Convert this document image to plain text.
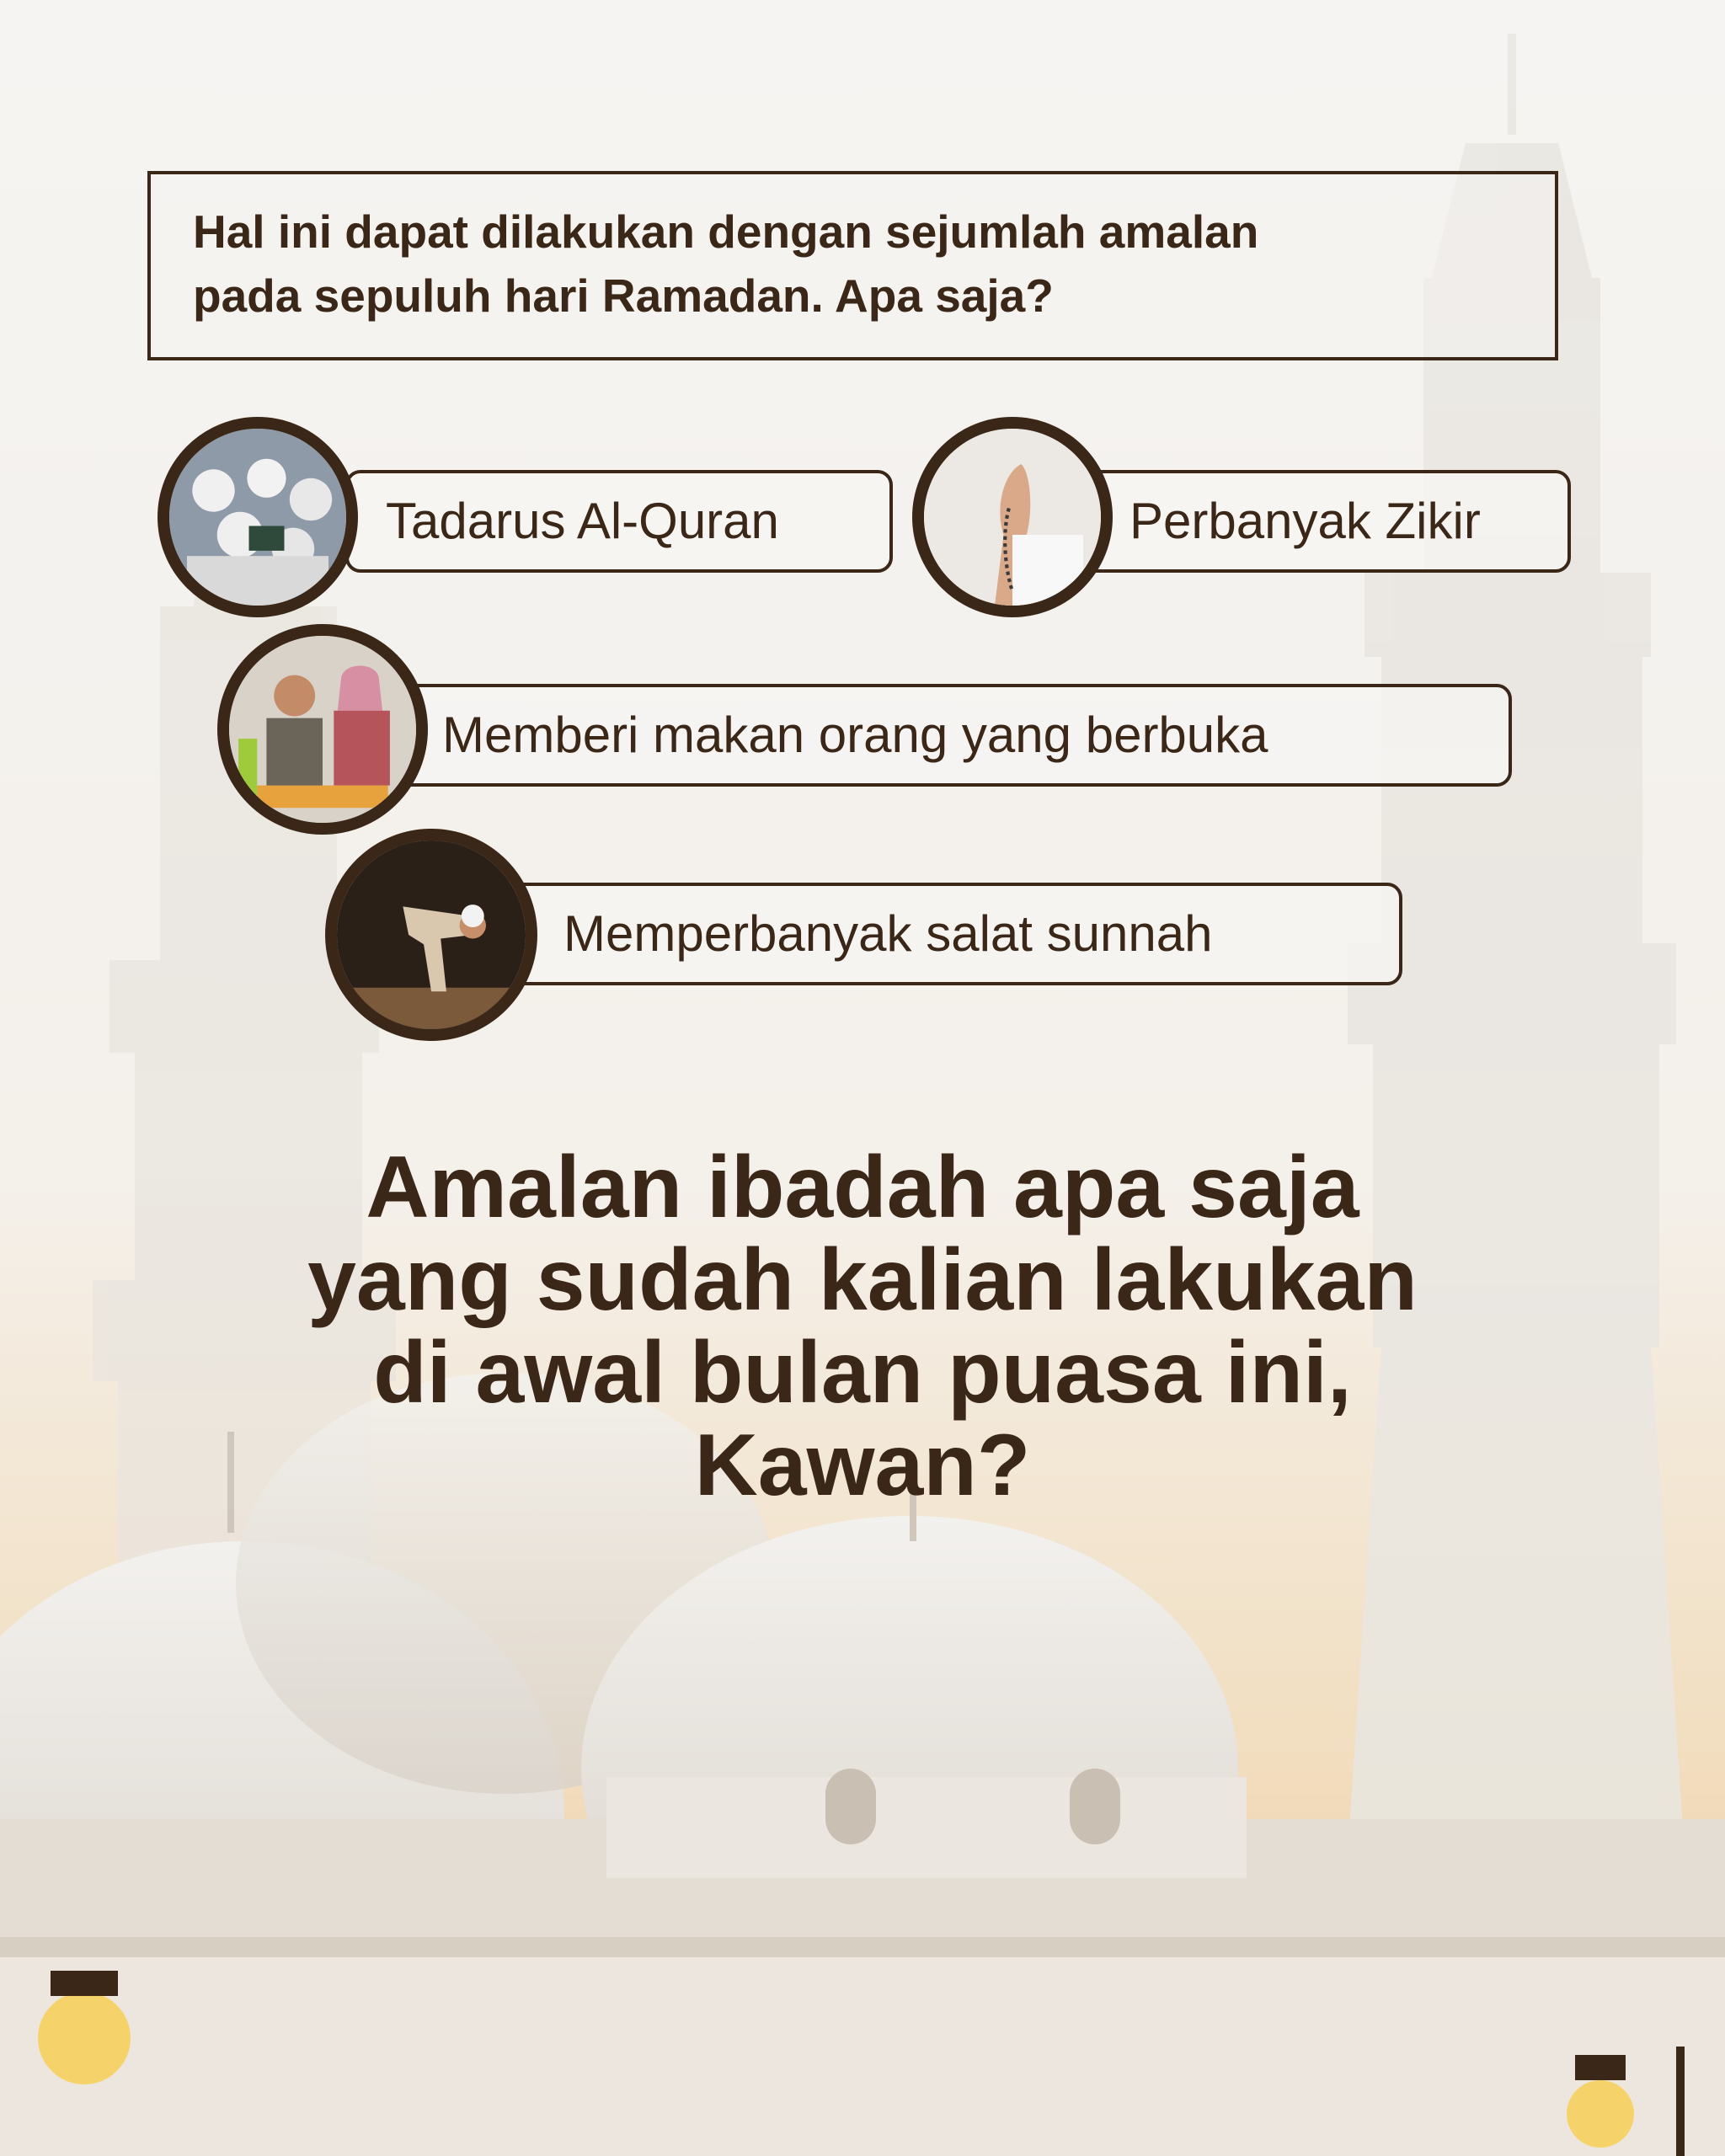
Hal ini dapat dilakukan dengan sejumlah amalan
pada sepuluh hari Ramadan. Apa saja?
Tadarus Al-Quran	Perbanyak Zikir
Memberi makan orang yang berbuka
Memperbanyak salat sunnah
Amalan ibadah apa saja
yang sudah kalian lakukan
di awal bulan puasa ini,
Kawan?
